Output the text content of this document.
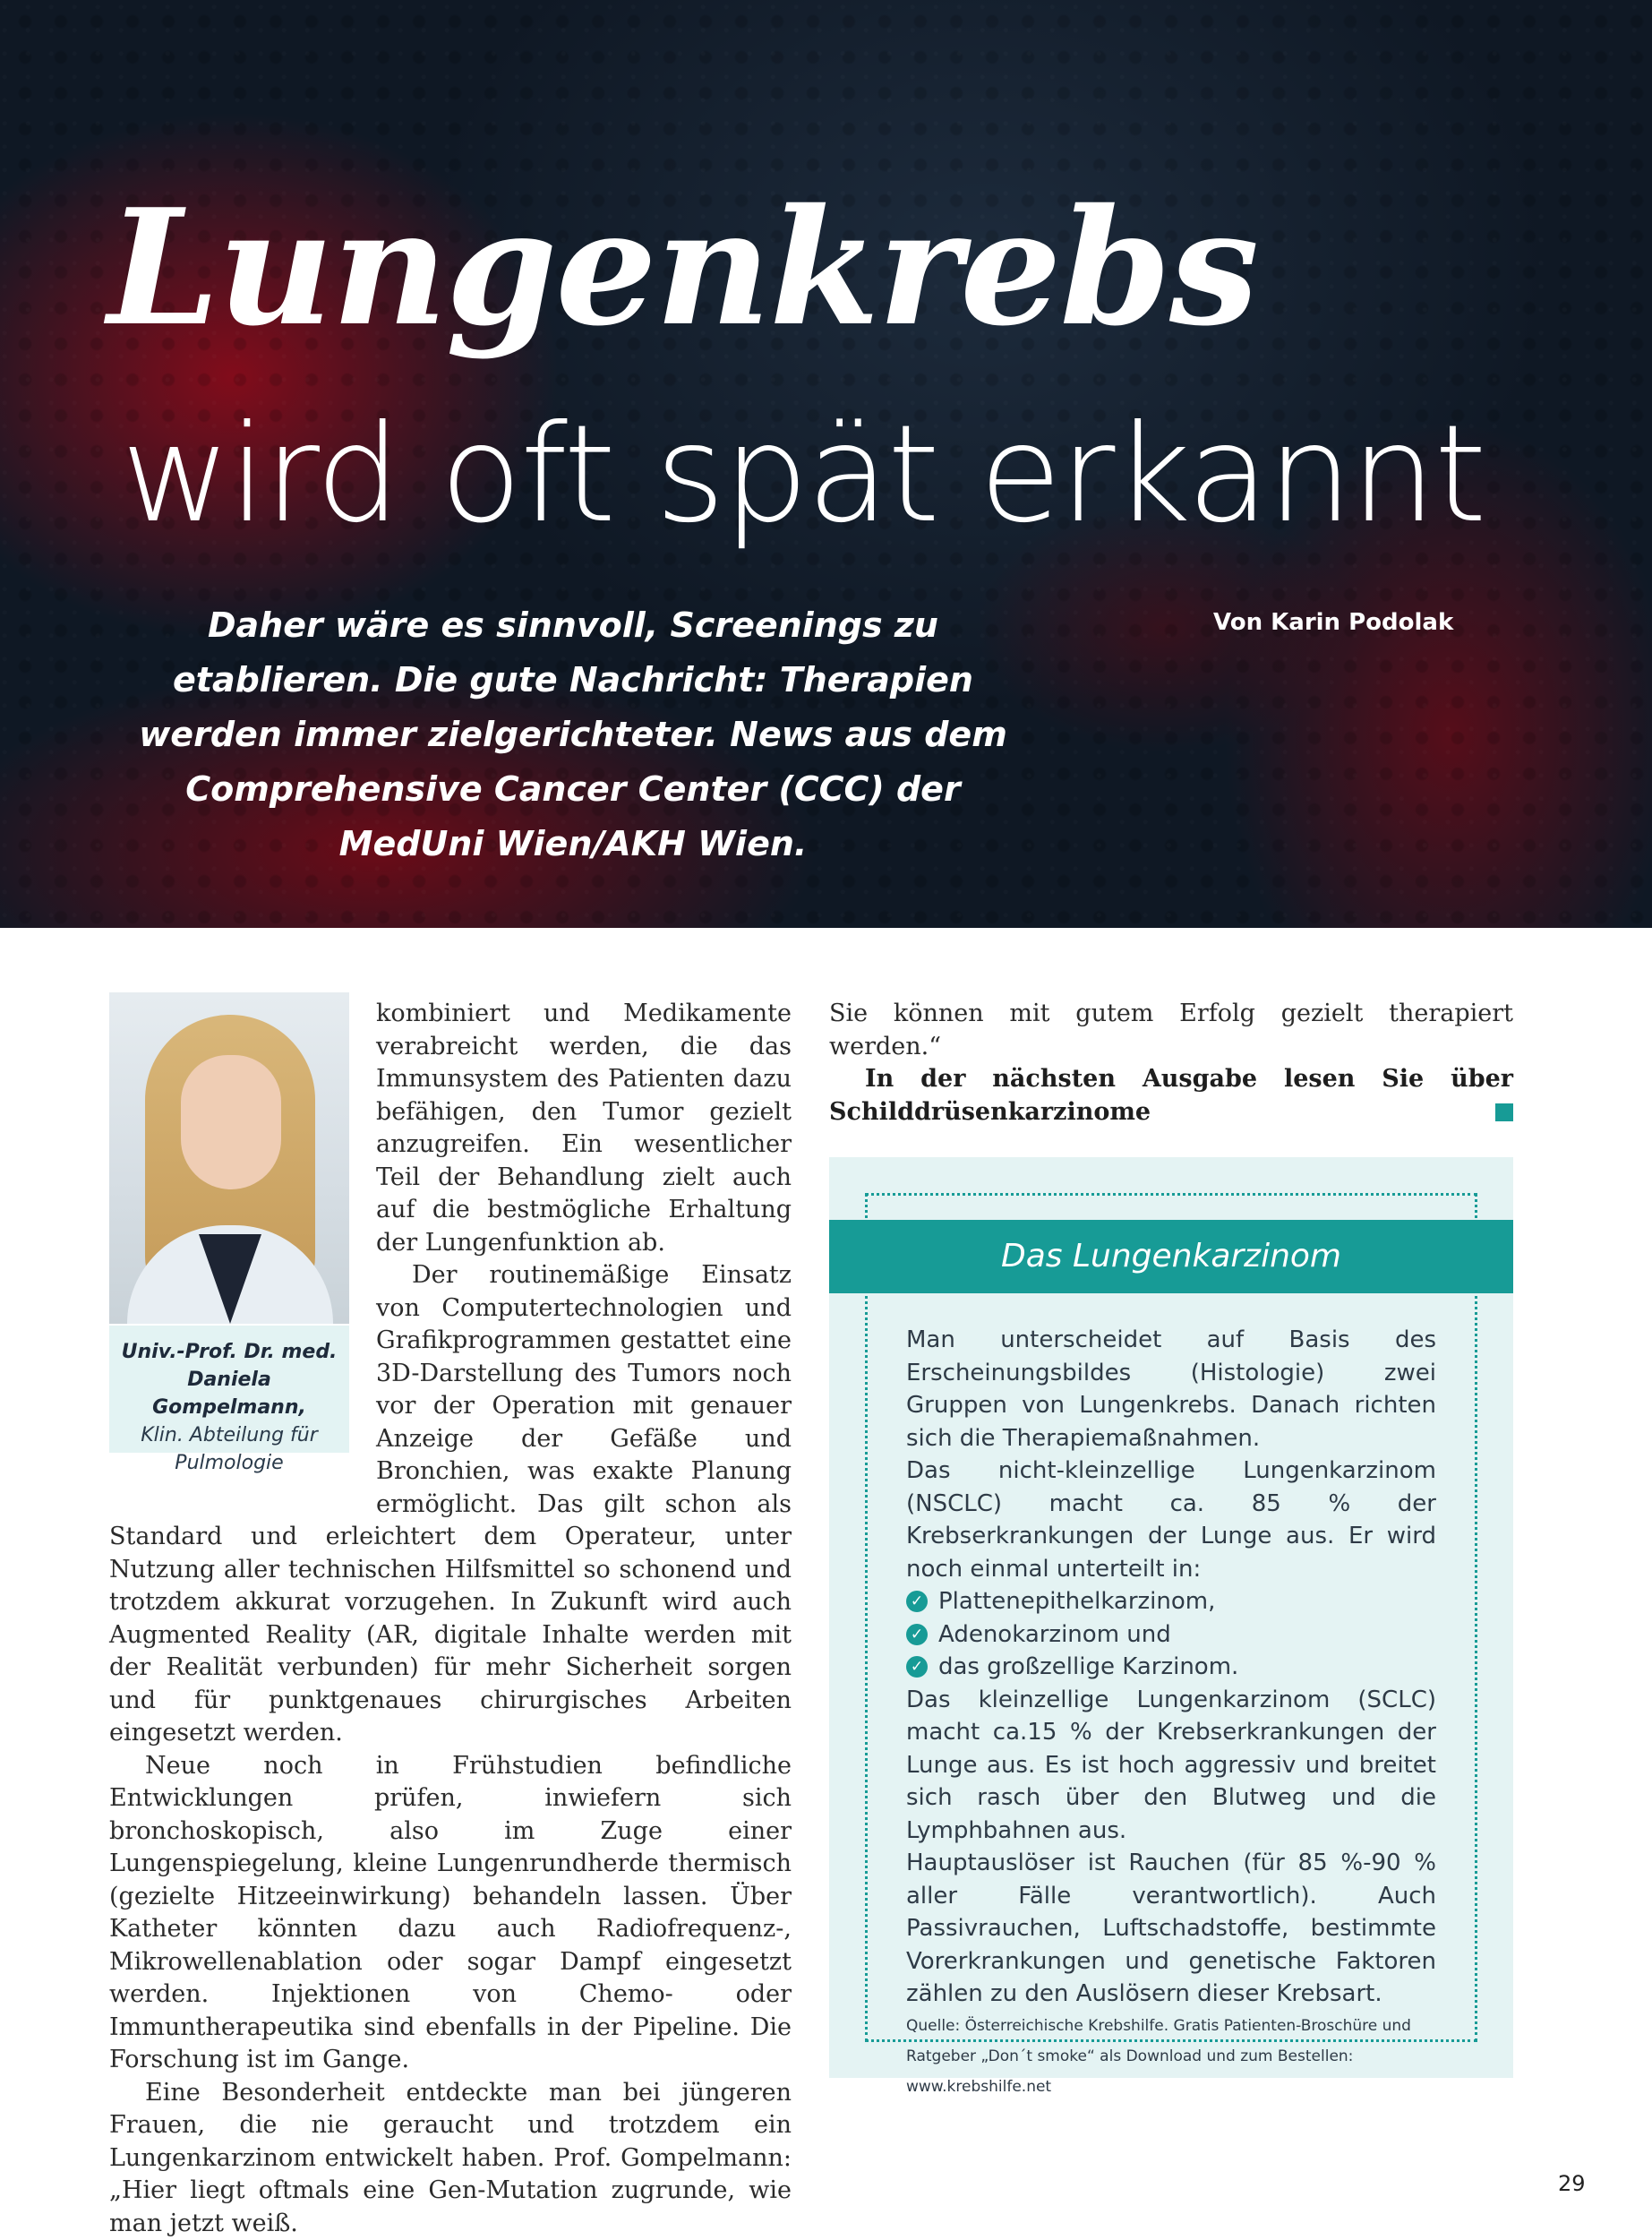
Lungenkrebs
wird oft spät erkannt
Daher wäre es sinnvoll, Screenings zu etablieren. Die gute Nachricht: Therapien werden immer zielgerichteter. News aus dem Comprehensive Cancer Center (CCC) der MedUni Wien/AKH Wien.
Von Karin Podolak
Univ.-Prof. Dr. med. Daniela Gompelmann,
Klin. Abteilung für Pulmologie

kombiniert und Medikamente verabreicht werden, die das Immunsystem des Patienten dazu befähigen, den Tumor gezielt anzugreifen. Ein wesentlicher Teil der Behandlung zielt auch auf die bestmögliche Erhaltung der Lungenfunktion ab.

Der routinemäßige Einsatz von Computertechnologien und Grafikprogrammen gestattet eine 3D-Darstellung des Tumors noch vor der Operation mit genauer Anzeige der Gefäße und Bronchien, was exakte Planung ermöglicht. Das gilt schon als Standard und erleichtert dem Operateur, unter Nutzung aller technischen Hilfsmittel so schonend und trotzdem akkurat vorzugehen. In Zukunft wird auch Augmented Reality (AR, digitale Inhalte werden mit der Realität verbunden) für mehr Sicherheit sorgen und für punktgenaues chirurgisches Arbeiten eingesetzt werden.

Neue noch in Frühstudien befindliche Entwicklungen prüfen, inwiefern sich bronchoskopisch, also im Zuge einer Lungenspiegelung, kleine Lungenrundherde thermisch (gezielte Hitzeeinwirkung) behandeln lassen. Über Katheter könnten dazu auch Radiofrequenz-, Mikrowellenablation oder sogar Dampf eingesetzt werden. Injektionen von Chemo- oder Immuntherapeutika sind ebenfalls in der Pipeline. Die Forschung ist im Gange.

Eine Besonderheit entdeckte man bei jüngeren Frauen, die nie geraucht und trotzdem ein Lungenkarzinom entwickelt haben. Prof. Gompelmann: „Hier liegt oftmals eine Gen-Mutation zugrunde, wie man jetzt weiß.

Sie können mit gutem Erfolg gezielt therapiert werden.“

In der nächsten Ausgabe lesen Sie über Schilddrüsenkarzinome

Das Lungenkarzinom

Man unterscheidet auf Basis des Erscheinungsbildes (Histologie) zwei Gruppen von Lungenkrebs. Danach richten sich die Therapiemaßnahmen.

Das nicht-kleinzellige Lungenkarzinom (NSCLC) macht ca. 85 % der Krebserkrankungen der Lunge aus. Er wird noch einmal unterteilt in:

✓ Plattenepithelkarzinom,
✓ Adenokarzinom und
✓ das großzellige Karzinom.

Das kleinzellige Lungenkarzinom (SCLC) macht ca.15 % der Krebserkrankungen der Lunge aus. Es ist hoch aggressiv und breitet sich rasch über den Blutweg und die Lymphbahnen aus.

Hauptauslöser ist Rauchen (für 85 %-90 % aller Fälle verantwortlich). Auch Passivrauchen, Luftschadstoffe, bestimmte Vorerkrankungen und genetische Faktoren zählen zu den Auslösern dieser Krebsart.

Quelle: Österreichische Krebshilfe. Gratis Patienten-Broschüre und Ratgeber „Don´t smoke“ als Download und zum Bestellen: www.krebshilfe.net

29
